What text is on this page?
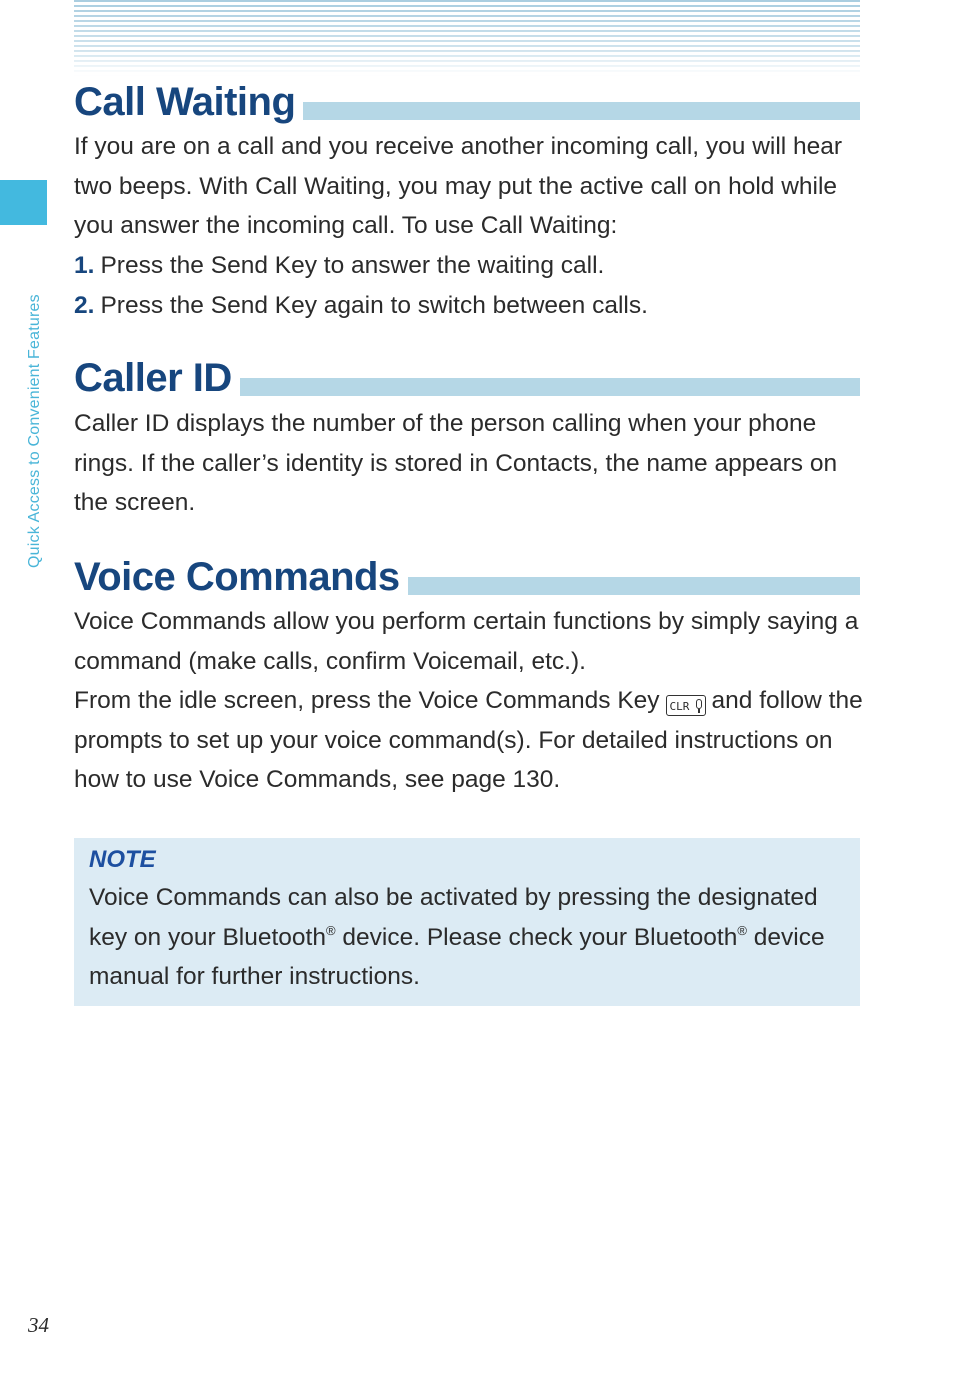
Quick Access to Convenient Features
Call Waiting

If you are on a call and you receive another incoming call, you will hear two beeps. With Call Waiting, you may put the active call on hold while you answer the incoming call. To use Call Waiting:

1. Press the Send Key to answer the waiting call.
2. Press the Send Key again to switch between calls.
Caller ID

Caller ID displays the number of the person calling when your phone rings. If the caller’s identity is stored in Contacts, the name appears on the screen.

Voice Commands

Voice Commands allow you perform certain functions by simply saying a command (make calls, confirm Voicemail, etc.).

From the idle screen, press the Voice Commands Key CLR and follow the prompts to set up your voice command(s). For detailed instructions on how to use Voice Commands, see page 130.

NOTE

Voice Commands can also be activated by pressing the designated key on your Bluetooth® device. Please check your Bluetooth® device manual for further instructions.

34
